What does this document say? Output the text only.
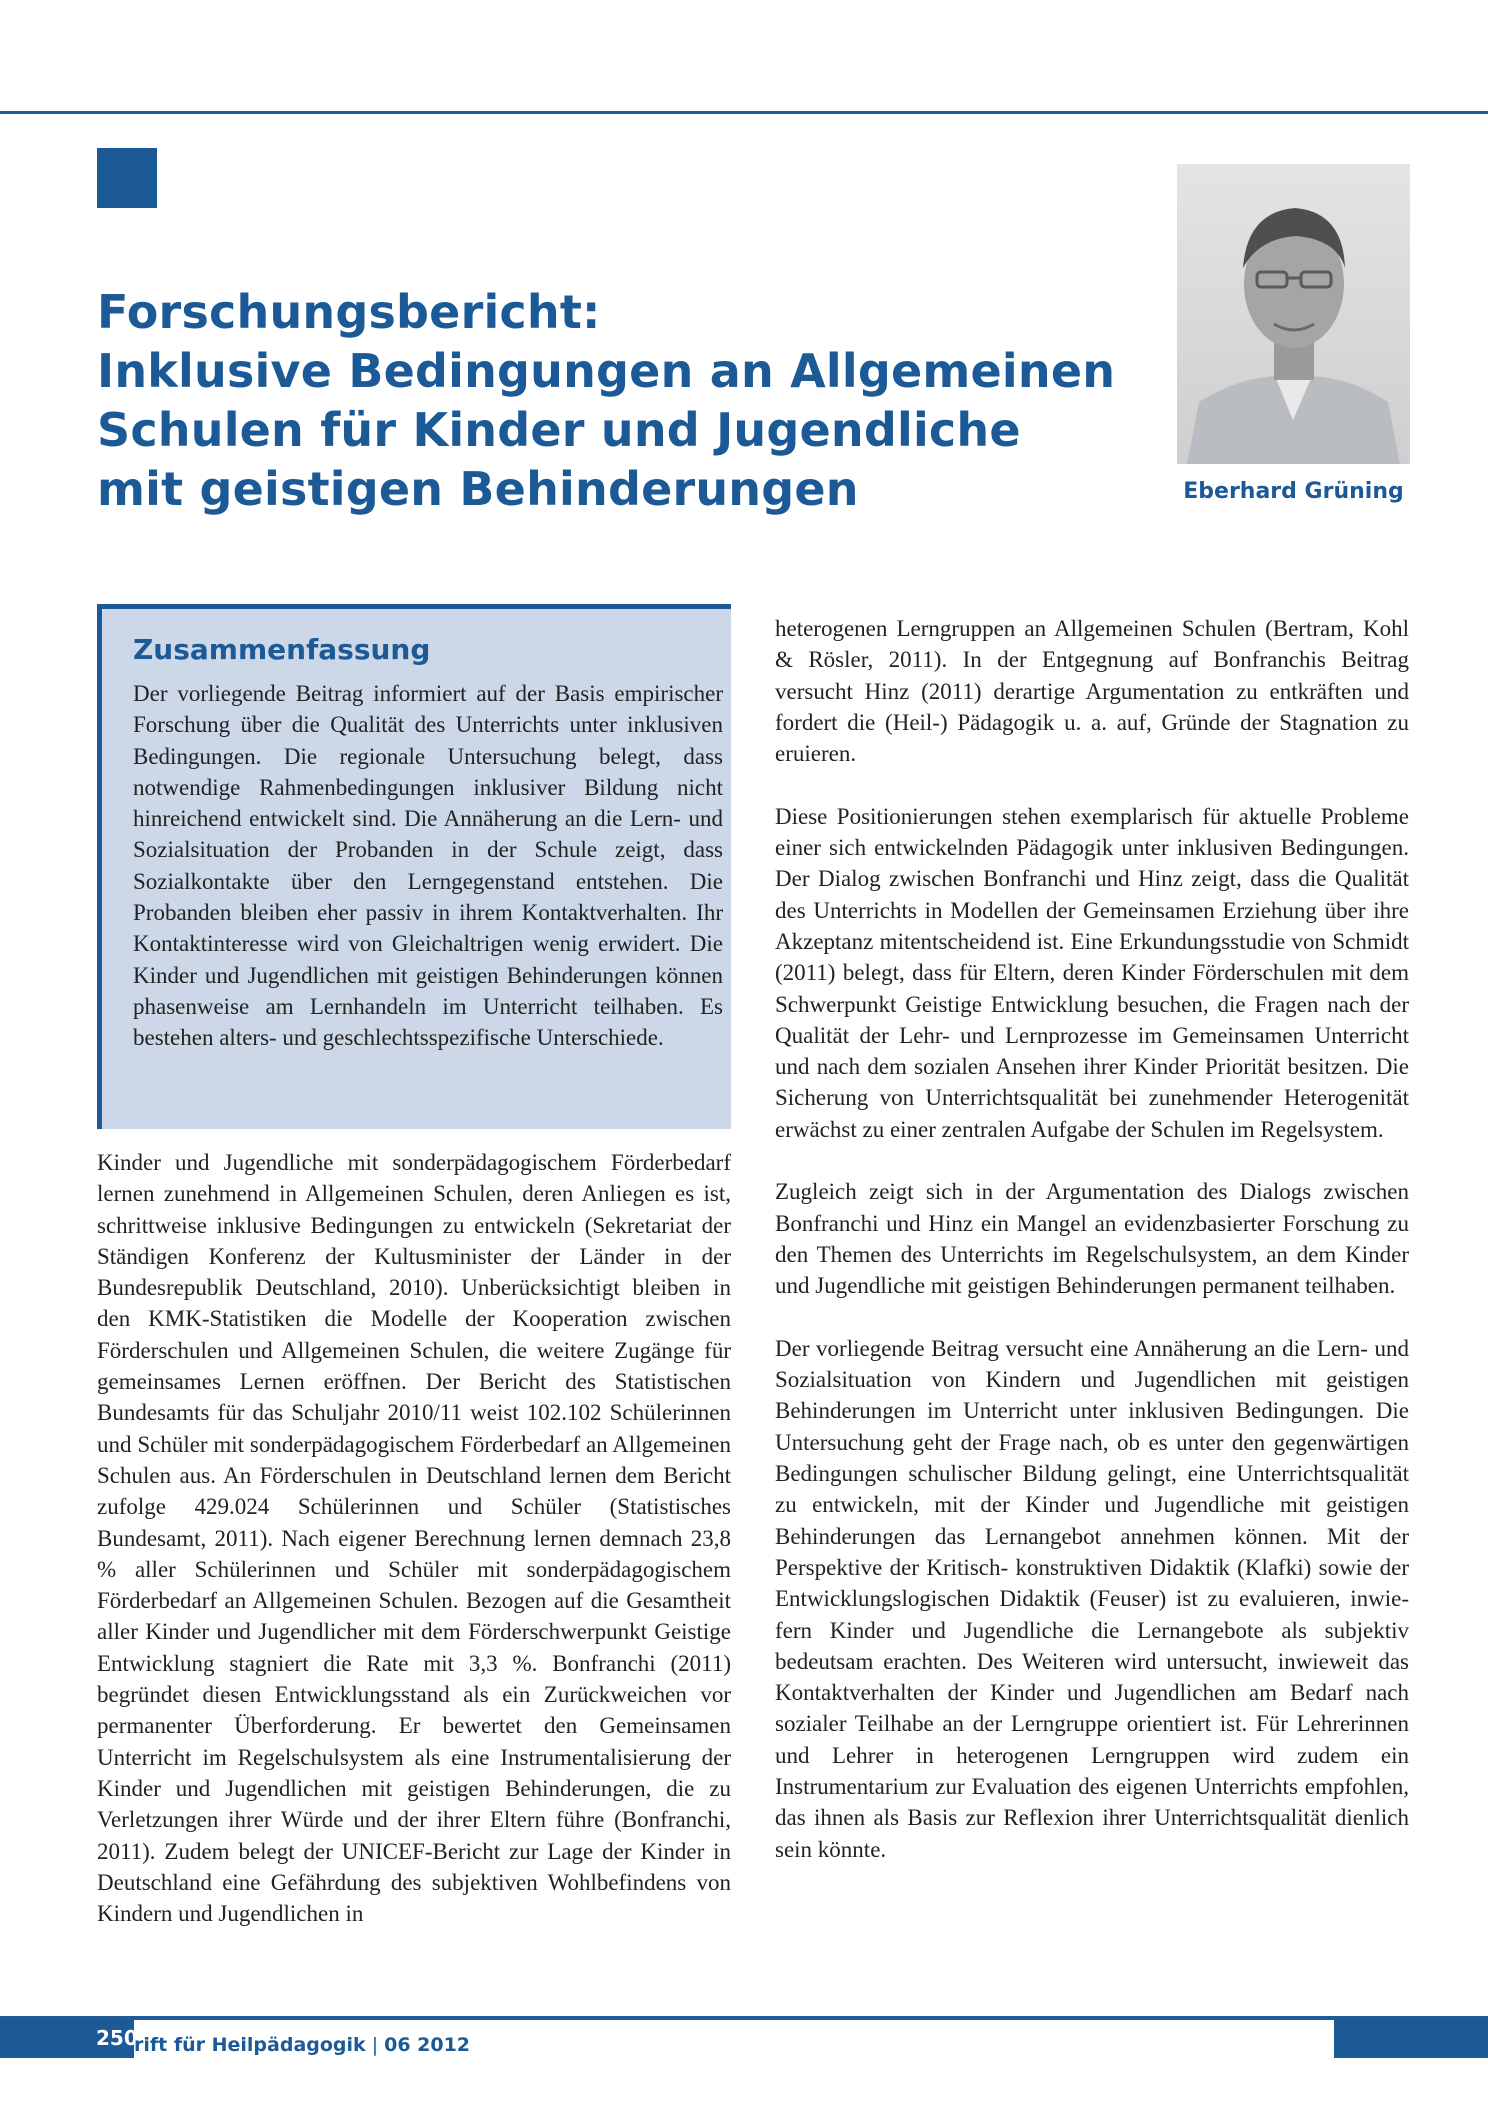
Forschungsbericht:
Inklusive Bedingungen an Allgemeinen
Schulen für Kinder und Jugendliche
mit geistigen Behinderungen	Eberhard Grüning
Zusammenfassung

Der vorliegende Beitrag informiert auf der Basis empirischer Forschung über die Qualität des Unterrichts unter inklusiven Bedingungen. Die regionale Untersuchung belegt, dass notwendige Rahmenbedingungen inklusiver Bildung nicht hinreichend entwickelt sind. Die Annäherung an die Lern- und Sozialsituation der Probanden in der Schule zeigt, dass Sozialkontakte über den Lerngegenstand entstehen. Die Probanden bleiben eher passiv in ihrem Kontaktverhalten. Ihr Kontaktinteresse wird von Gleichaltrigen wenig erwidert. Die Kinder und Jugendlichen mit geistigen Behinderungen können phasenweise am Lernhandeln im Unterricht teilhaben. Es bestehen alters- und geschlechtsspezifische Unterschiede.

Kinder und Jugendliche mit sonderpädagogischem Förderbedarf lernen zunehmend in Allgemeinen Schulen, deren Anliegen es ist, schrittweise inklusive Bedingungen zu entwickeln (Sekretariat der Ständigen Konferenz der Kultusminister der Länder in der Bundesrepublik Deutschland, 2010). Unberücksichtigt bleiben in den KMK-Statistiken die Modelle der Kooperation zwischen Förderschulen und Allgemeinen Schulen, die weitere Zugänge für gemeinsames Lernen eröffnen. Der Bericht des Statistischen Bundesamts für das Schuljahr 2010/11 weist 102.102 Schülerinnen und Schüler mit sonderpädagogischem Förderbedarf an Allgemeinen Schulen aus. An Förderschulen in Deutschland lernen dem Bericht zufolge 429.024 Schülerinnen und Schüler (Statistisches Bundesamt, 2011). Nach eigener Berechnung lernen demnach 23,8 % aller Schülerinnen und Schüler mit sonderpädagogischem Förderbedarf an Allgemeinen Schulen. Bezogen auf die Gesamtheit aller Kinder und Jugendlicher mit dem Förderschwerpunkt Geistige Entwicklung stagniert die Rate mit 3,3 %. Bonfranchi (2011) begründet diesen Entwicklungsstand als ein Zurückweichen vor permanenter Überforderung. Er bewertet den Gemeinsamen Unterricht im Regelschulsystem als eine Instrumentalisierung der Kinder und Jugendlichen mit geistigen Behinderungen, die zu Verletzungen ihrer Würde und der ihrer Eltern führe (Bonfranchi, 2011). Zudem belegt der UNICEF-Bericht zur Lage der Kinder in Deutschland eine Gefährdung des subjektiven Wohlbefindens von Kindern und Jugendlichen in

heterogenen Lerngruppen an Allgemeinen Schulen (Bertram, Kohl & Rösler, 2011). In der Entgegnung auf Bonfranchis Beitrag versucht Hinz (2011) derartige Argumentation zu entkräften und fordert die (Heil-) Pädagogik u. a. auf, Gründe der Stagnation zu eruieren.

Diese Positionierungen stehen exemplarisch für aktuelle Probleme einer sich entwickelnden Pädagogik unter inklusiven Bedingungen. Der Dialog zwischen Bonfranchi und Hinz zeigt, dass die Qualität des Unterrichts in Modellen der Gemeinsamen Erziehung über ihre Akzeptanz mitentscheidend ist. Eine Erkundungsstudie von Schmidt (2011) belegt, dass für Eltern, deren Kinder Förderschulen mit dem Schwerpunkt Geistige Entwicklung besuchen, die Fragen nach der Qualität der Lehr- und Lernprozesse im Gemeinsamen Unterricht und nach dem sozialen Ansehen ihrer Kinder Priorität besitzen. Die Sicherung von Unterrichtsqualität bei zunehmender Heterogenität erwächst zu einer zentralen Aufgabe der Schulen im Regelsystem.

Zugleich zeigt sich in der Argumentation des Dialogs zwischen Bonfranchi und Hinz ein Mangel an evidenzbasierter Forschung zu den Themen des Unterrichts im Regelschulsystem, an dem Kinder und Jugendliche mit geistigen Behinderungen permanent teilhaben.

Der vorliegende Beitrag versucht eine Annäherung an die Lern- und Sozialsituation von Kindern und Jugendlichen mit geistigen Behinderungen im Unterricht unter inklusiven Bedingungen. Die Untersuchung geht der Frage nach, ob es unter den gegenwärtigen Bedingungen schulischer Bildung gelingt, eine Unterrichtsqualität zu entwickeln, mit der Kinder und Jugendliche mit geistigen Behinderungen das Lernangebot annehmen können. Mit der Perspektive der Kritisch- konstruktiven Didaktik (Klafki) sowie der Entwicklungslogischen Didaktik (Feuser) ist zu evaluieren, inwiefern Kinder und Jugendliche die Lernangebote als subjektiv bedeutsam erachten. Des Weiteren wird untersucht, inwieweit das Kontaktverhalten der Kinder und Jugendlichen am Bedarf nach sozialer Teilhabe an der Lerngruppe orientiert ist. Für Lehrerinnen und Lehrer in heterogenen Lerngruppen wird zudem ein Instrumentarium zur Evaluation des eigenen Unterrichts empfohlen, das ihnen als Basis zur Reflexion ihrer Unterrichtsqualität dienlich sein könnte.

250
rift für Heilpädagogik | 06 2012
